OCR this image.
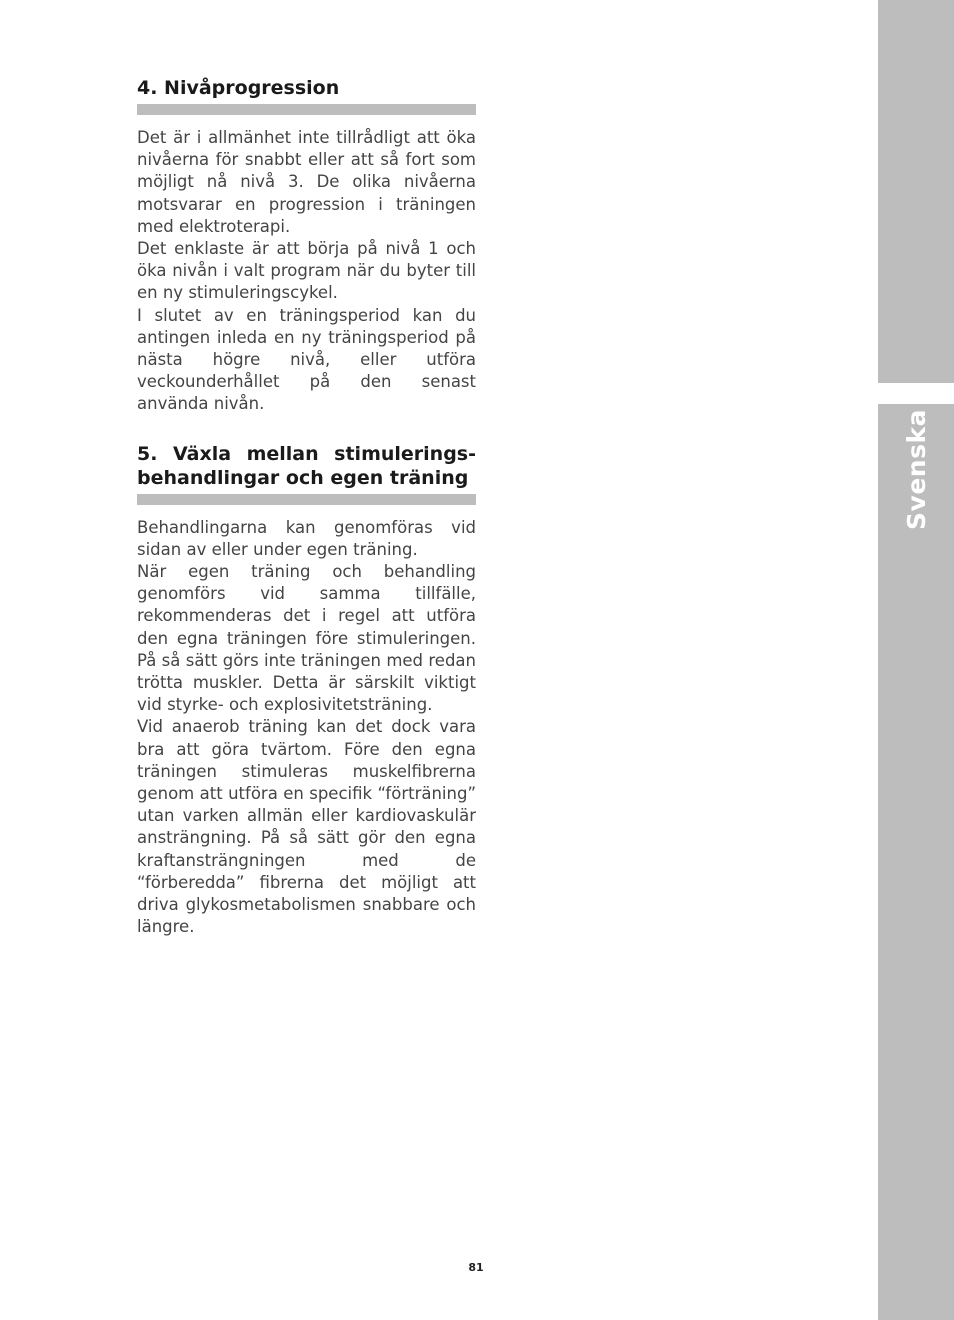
Svenska
4. Nivåprogression

Det är i allmänhet inte tillrådligt att öka nivåerna för snabbt eller att så fort som möjligt nå nivå 3. De olika nivåerna motsvarar en progression i träningen med elektroterapi.

Det enklaste är att börja på nivå 1 och öka nivån i valt program när du byter till en ny stimuleringscykel.

I slutet av en träningsperiod kan du antingen inleda en ny träningsperiod på nästa högre nivå, eller utföra veckounderhållet på den senast använda nivån.

5. Växla mellan stimulerings-behandlingar och egen träning

Behandlingarna kan genomföras vid sidan av eller under egen träning.

När egen träning och behandling genomförs vid samma tillfälle, rekommenderas det i regel att utföra den egna träningen före stimuleringen. På så sätt görs inte träningen med redan trötta muskler. Detta är särskilt viktigt vid styrke- och explosivitetsträning.

Vid anaerob träning kan det dock vara bra att göra tvärtom. Före den egna träningen stimuleras muskelfibrerna genom att utföra en specifik “förträning” utan varken allmän eller kardiovaskulär ansträngning. På så sätt gör den egna kraftansträngningen med de “förberedda” fibrerna det möjligt att driva glykosmetabolismen snabbare och längre.

81
